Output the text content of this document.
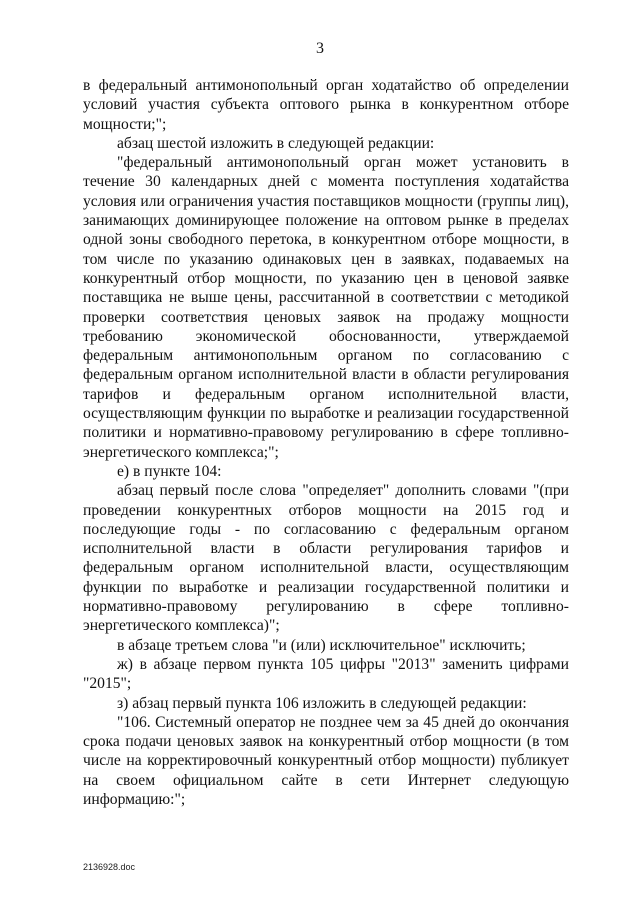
3

в федеральный антимонопольный орган ходатайство об определении условий участия субъекта оптового рынка в конкурентном отборе мощности;";

абзац шестой изложить в следующей редакции:

"федеральный антимонопольный орган может установить в течение 30 календарных дней с момента поступления ходатайства условия или ограничения участия поставщиков мощности (группы лиц), занимающих доминирующее положение на оптовом рынке в пределах одной зоны свободного перетока, в конкурентном отборе мощности, в том числе по указанию одинаковых цен в заявках, подаваемых на конкурентный отбор мощности, по указанию цен в ценовой заявке поставщика не выше цены, рассчитанной в соответствии с методикой проверки соответствия ценовых заявок на продажу мощности требованию экономической обоснованности, утверждаемой федеральным антимонопольным органом по согласованию с федеральным органом исполнительной власти в области регулирования тарифов и федеральным органом исполнительной власти, осуществляющим функции по выработке и реализации государственной политики и нормативно-правовому регулированию в сфере топливно-энергетического комплекса;";

е) в пункте 104:

абзац первый после слова "определяет" дополнить словами "(при проведении конкурентных отборов мощности на 2015 год и последующие годы - по согласованию с федеральным органом исполнительной власти в области регулирования тарифов и федеральным органом исполнительной власти, осуществляющим функции по выработке и реализации государственной политики и нормативно-правовому регулированию в сфере топливно-энергетического комплекса)";

в абзаце третьем слова "и (или) исключительное" исключить;

ж) в абзаце первом пункта 105 цифры "2013" заменить цифрами "2015";

з) абзац первый пункта 106 изложить в следующей редакции:

"106. Системный оператор не позднее чем за 45 дней до окончания срока подачи ценовых заявок на конкурентный отбор мощности (в том числе на корректировочный конкурентный отбор мощности) публикует на своем официальном сайте в сети Интернет следующую информацию:";

2136928.doc
